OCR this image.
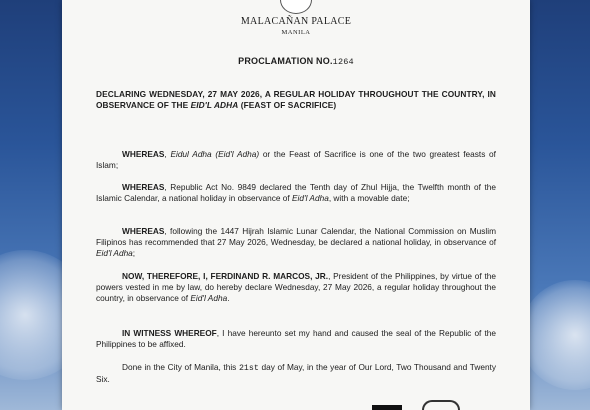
MALACAÑAN PALACE
MANILA
PROCLAMATION NO.1264
DECLARING WEDNESDAY, 27 MAY 2026, A REGULAR HOLIDAY THROUGHOUT THE COUNTRY, IN OBSERVANCE OF THE EID'L ADHA (FEAST OF SACRIFICE)
WHEREAS, Eidul Adha (Eid'l Adha) or the Feast of Sacrifice is one of the two greatest feasts of Islam;
WHEREAS, Republic Act No. 9849 declared the Tenth day of Zhul Hijja, the Twelfth month of the Islamic Calendar, a national holiday in observance of Eid'l Adha, with a movable date;
WHEREAS, following the 1447 Hijrah Islamic Lunar Calendar, the National Commission on Muslim Filipinos has recommended that 27 May 2026, Wednesday, be declared a national holiday, in observance of Eid'l Adha;
NOW, THEREFORE, I, FERDINAND R. MARCOS, JR., President of the Philippines, by virtue of the powers vested in me by law, do hereby declare Wednesday, 27 May 2026, a regular holiday throughout the country, in observance of Eid'l Adha.
IN WITNESS WHEREOF, I have hereunto set my hand and caused the seal of the Republic of the Philippines to be affixed.
Done in the City of Manila, this 21st day of May, in the year of Our Lord, Two Thousand and Twenty Six.
